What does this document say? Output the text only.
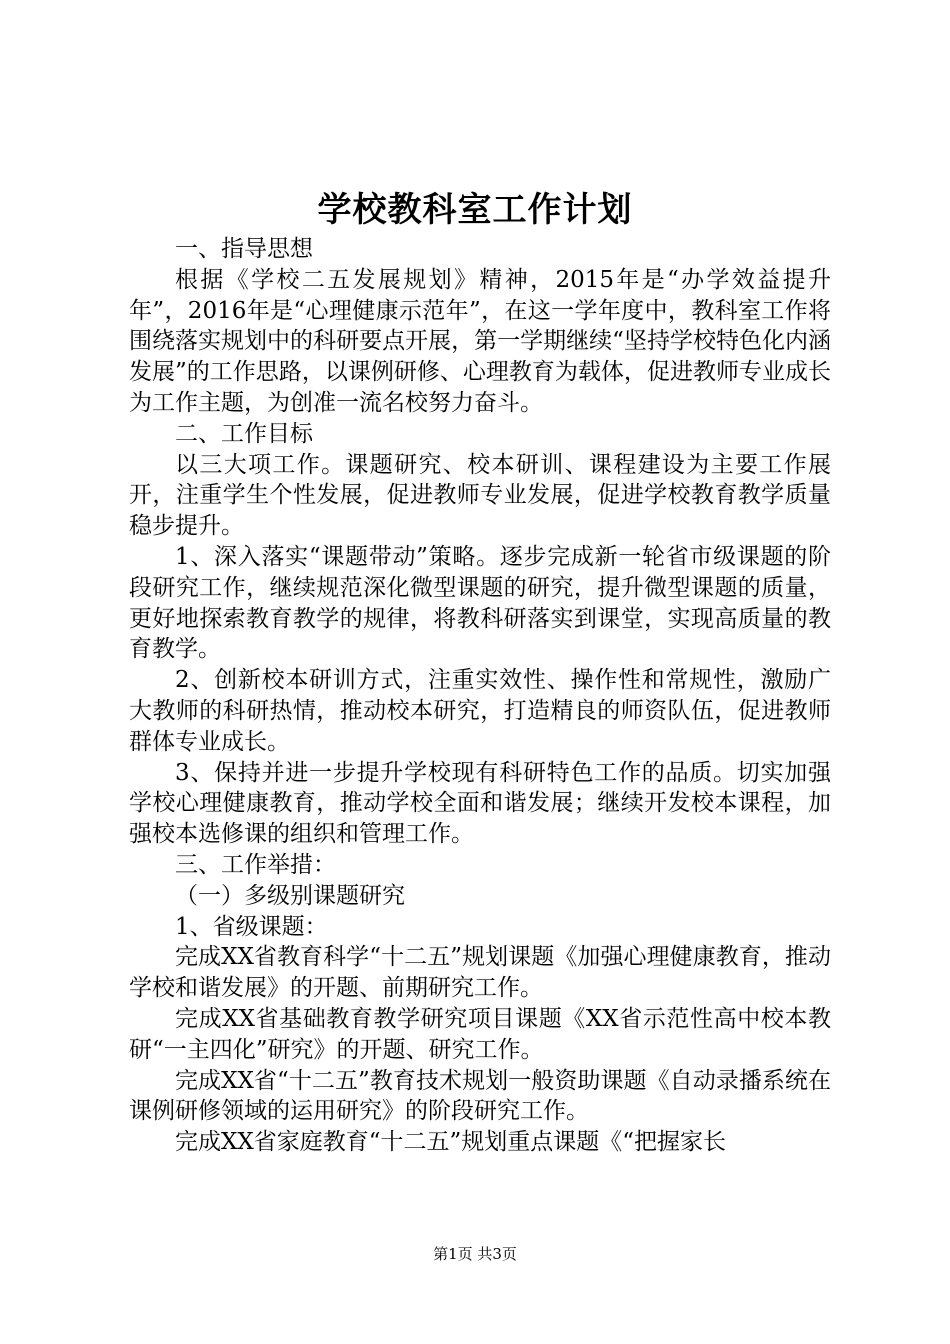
学校教科室工作计划

一、指导思想

根据《学校二五发展规划》精神，2015年是“办学效益提升年”，2016年是“心理健康示范年”，在这一学年度中，教科室工作将围绕落实规划中的科研要点开展，第一学期继续“坚持学校特色化内涵发展”的工作思路，以课例研修、心理教育为载体，促进教师专业成长为工作主题，为创准一流名校努力奋斗。

二、工作目标

以三大项工作。课题研究、校本研训、课程建设为主要工作展开，注重学生个性发展，促进教师专业发展，促进学校教育教学质量稳步提升。

1、深入落实“课题带动”策略。逐步完成新一轮省市级课题的阶段研究工作，继续规范深化微型课题的研究，提升微型课题的质量，更好地探索教育教学的规律，将教科研落实到课堂，实现高质量的教育教学。

2、创新校本研训方式，注重实效性、操作性和常规性，激励广大教师的科研热情，推动校本研究，打造精良的师资队伍，促进教师群体专业成长。

3、保持并进一步提升学校现有科研特色工作的品质。切实加强学校心理健康教育，推动学校全面和谐发展；继续开发校本课程，加强校本选修课的组织和管理工作。

三、工作举措：

（一）多级别课题研究

1、省级课题：

完成XX省教育科学“十二五”规划课题《加强心理健康教育，推动学校和谐发展》的开题、前期研究工作。

完成XX省基础教育教学研究项目课题《XX省示范性高中校本教研“一主四化”研究》的开题、研究工作。

完成XX省“十二五”教育技术规划一般资助课题《自动录播系统在课例研修领域的运用研究》的阶段研究工作。

完成XX省家庭教育“十二五”规划重点课题《“把握家长

第1页 共3页
